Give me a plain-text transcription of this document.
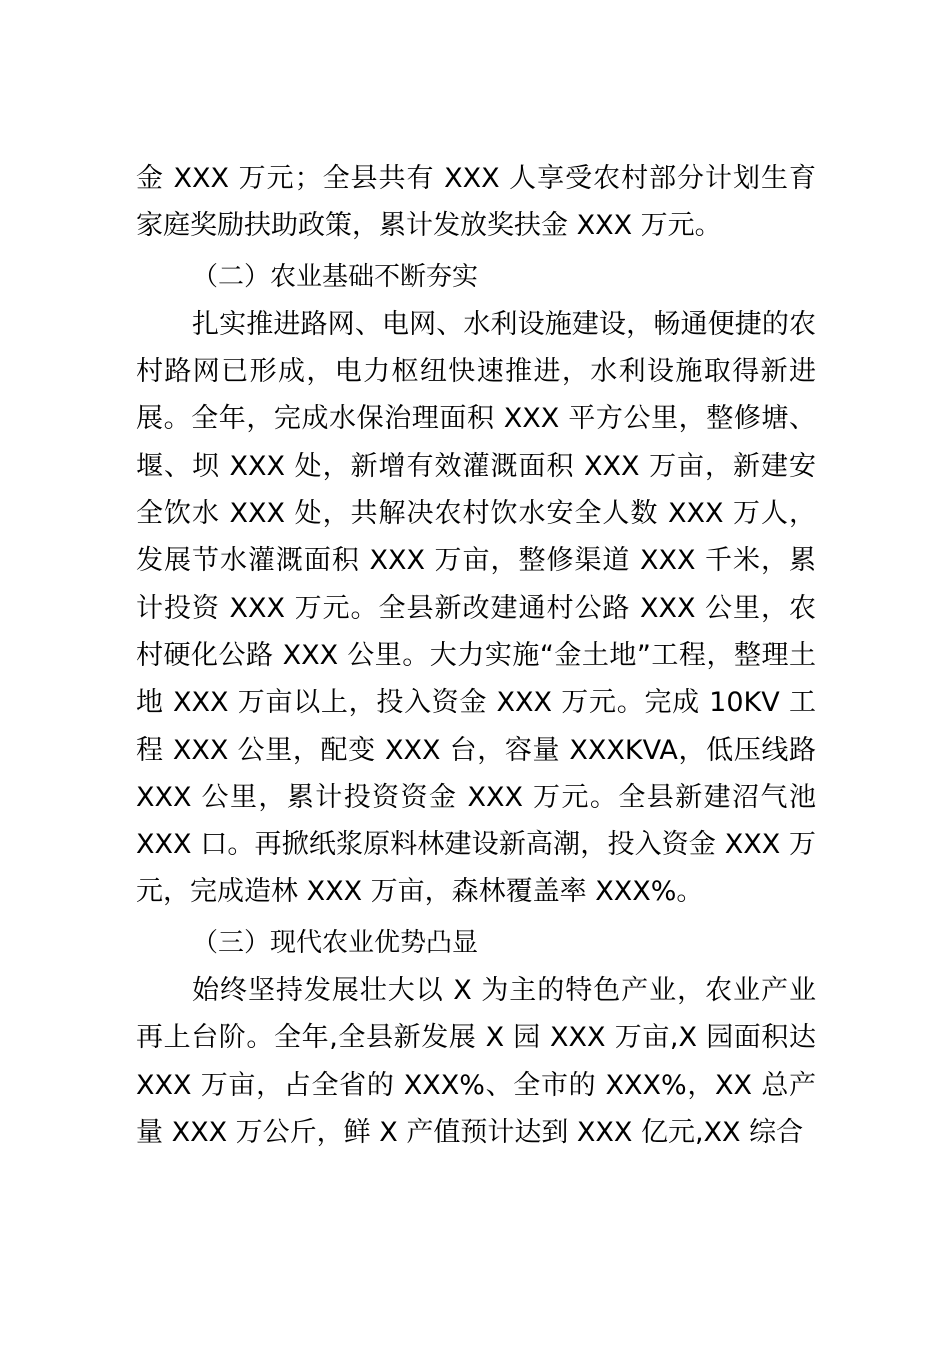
金 XXX 万元；全县共有 XXX 人享受农村部分计划生育家庭奖励扶助政策，累计发放奖扶金 XXX 万元。

（二）农业基础不断夯实

扎实推进路网、电网、水利设施建设，畅通便捷的农村路网已形成，电力枢纽快速推进，水利设施取得新进展。全年，完成水保治理面积 XXX 平方公里，整修塘、堰、坝 XXX 处，新增有效灌溉面积 XXX 万亩，新建安全饮水 XXX 处，共解决农村饮水安全人数 XXX 万人，发展节水灌溉面积 XXX 万亩，整修渠道 XXX 千米，累计投资 XXX 万元。全县新改建通村公路 XXX 公里，农村硬化公路 XXX 公里。大力实施“金土地”工程，整理土地 XXX 万亩以上，投入资金 XXX 万元。完成 10KV 工程 XXX 公里，配变 XXX 台，容量 XXXKVA，低压线路 XXX 公里，累计投资资金 XXX 万元。全县新建沼气池 XXX 口。再掀纸浆原料林建设新高潮，投入资金 XXX 万元，完成造林 XXX 万亩，森林覆盖率 XXX%。

（三）现代农业优势凸显

始终坚持发展壮大以 X 为主的特色产业，农业产业再上台阶。全年,全县新发展 X 园 XXX 万亩,X 园面积达 XXX 万亩，占全省的 XXX%、全市的 XXX%，XX 总产量 XXX 万公斤，鲜 X 产值预计达到 XXX 亿元,XX 综合
